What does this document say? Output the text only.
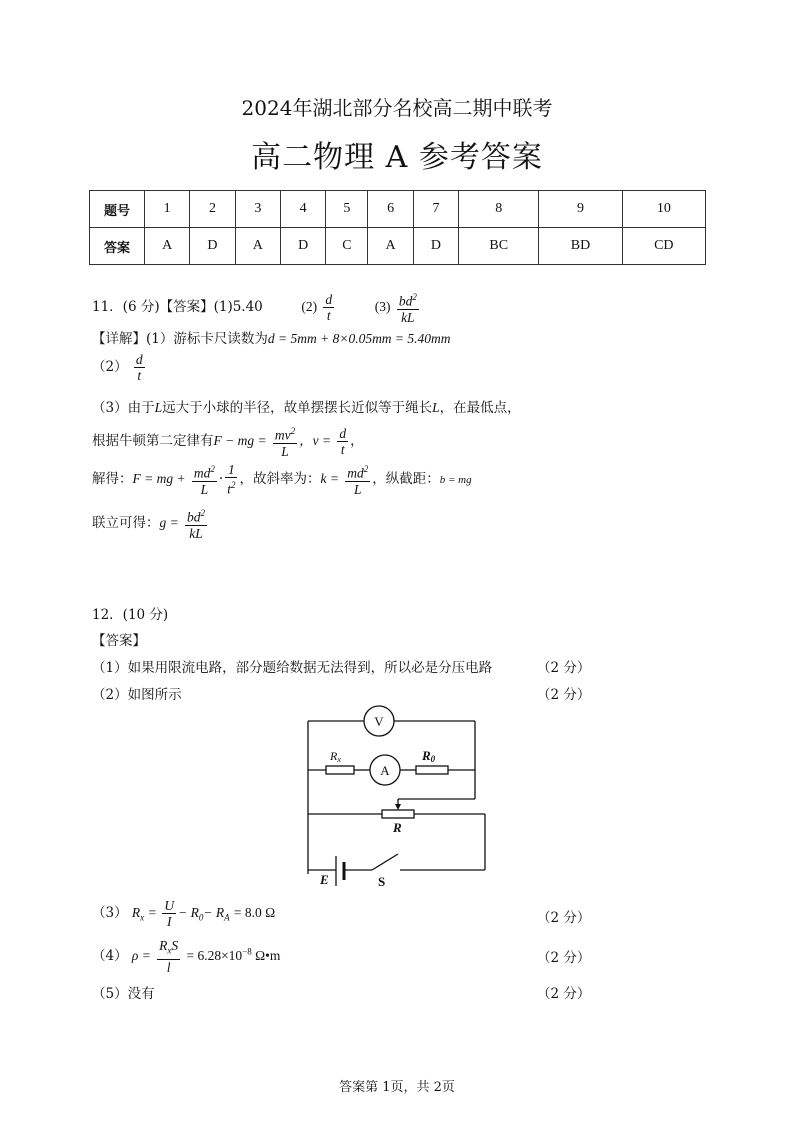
2024年湖北部分名校高二期中联考
高二物理 A 参考答案
题号	1	2	3	4	5	6	7	8	9	10
答案	A	D	A	D	C	A	D	BC	BD	CD
11．(6 分)【答案】(1)5.40	$(2) \frac{d}{t}$	$(3) \frac{bd^2}{kL}$
【详解】(1）游标卡尺读数为d = 5mm + 8×0.05mm = 5.40mm
$(2) \frac{d}{t}$
（3）由于L远大于小球的半径，故单摆摆长近似等于绳长L，在最低点，
根据牛顿第二定律有F − mg = $\frac{mv^2}{L}$ ，$v = \frac{d}{t}$ ，
解得：F = mg + $\frac{md^2}{L} \cdot \frac{1}{t^2}$ ，故斜率为：$k = \frac{md^2}{L}$ ，纵截距：b = mg
联立可得：$g = \frac{bd^2}{kL}$
12．(10 分)
【答案】
（1）如果用限流电路，部分题给数据无法得到，所以必是分压电路	（2 分）
（2）如图所示	（2 分）
V
A
Rx	R0
R
E	S
（3） $R_x = \frac{U}{I} - R_0- R_A = 8.0$ Ω	（2 分）
（4） $\rho = \frac{R_xS}{l} = 6.28\times 10^{-8}$ Ω•m	（2 分）
（5）没有	（2 分）
答案第 1页，共 2页
